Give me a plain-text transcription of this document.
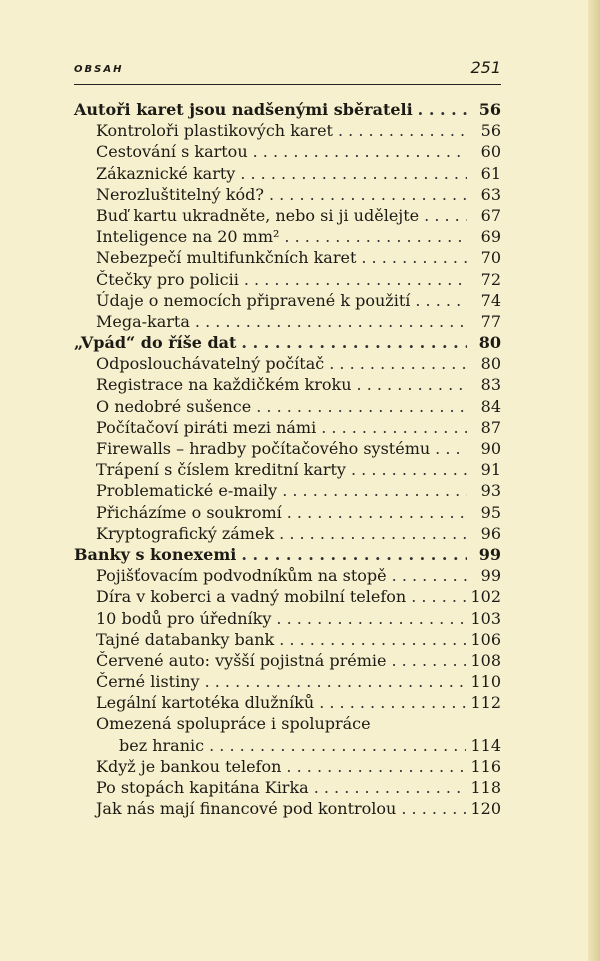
OBSAH	251
Autoři karet jsou nadšenými sběrateli . . .	56
Kontroloři plastikových karet . . .	56
Cestování s kartou . . .	60
Zákaznické karty . . .	61
Nerozluštitelný kód? . . .	63
Buď kartu ukradněte, nebo si ji udělejte . . .	67
Inteligence na 20 mm² . . .	69
Nebezpečí multifunkčních karet . . .	70
Čtečky pro policii . . .	72
Údaje o nemocích připravené k použití . . .	74
Mega-karta . . .	77
„Vpád“ do říše dat . . .	80
Odposlouchávatelný počítač . . .	80
Registrace na každičkém kroku . . .	83
O nedobré sušence . . .	84
Počítačoví piráti mezi námi . . .	87
Firewalls – hradby počítačového systému . . .	90
Trápení s číslem kreditní karty . . .	91
Problematické e-maily . . .	93
Přicházíme o soukromí . . .	95
Kryptografický zámek . . .	96
Banky s konexemi . . .	99
Pojišťovacím podvodníkům na stopě . . .	99
Díra v koberci a vadný mobilní telefon . . .	102
10 bodů pro úředníky . . .	103
Tajné databanky bank . . .	106
Červené auto: vyšší pojistná prémie . . .	108
Černé listiny . . .	110
Legální kartotéka dlužníků . . .	112
Omezená spolupráce i spolupráce
bez hranic . . .	114
Když je bankou telefon . . .	116
Po stopách kapitána Kirka . . .	118
Jak nás mají financové pod kontrolou . . .	120
